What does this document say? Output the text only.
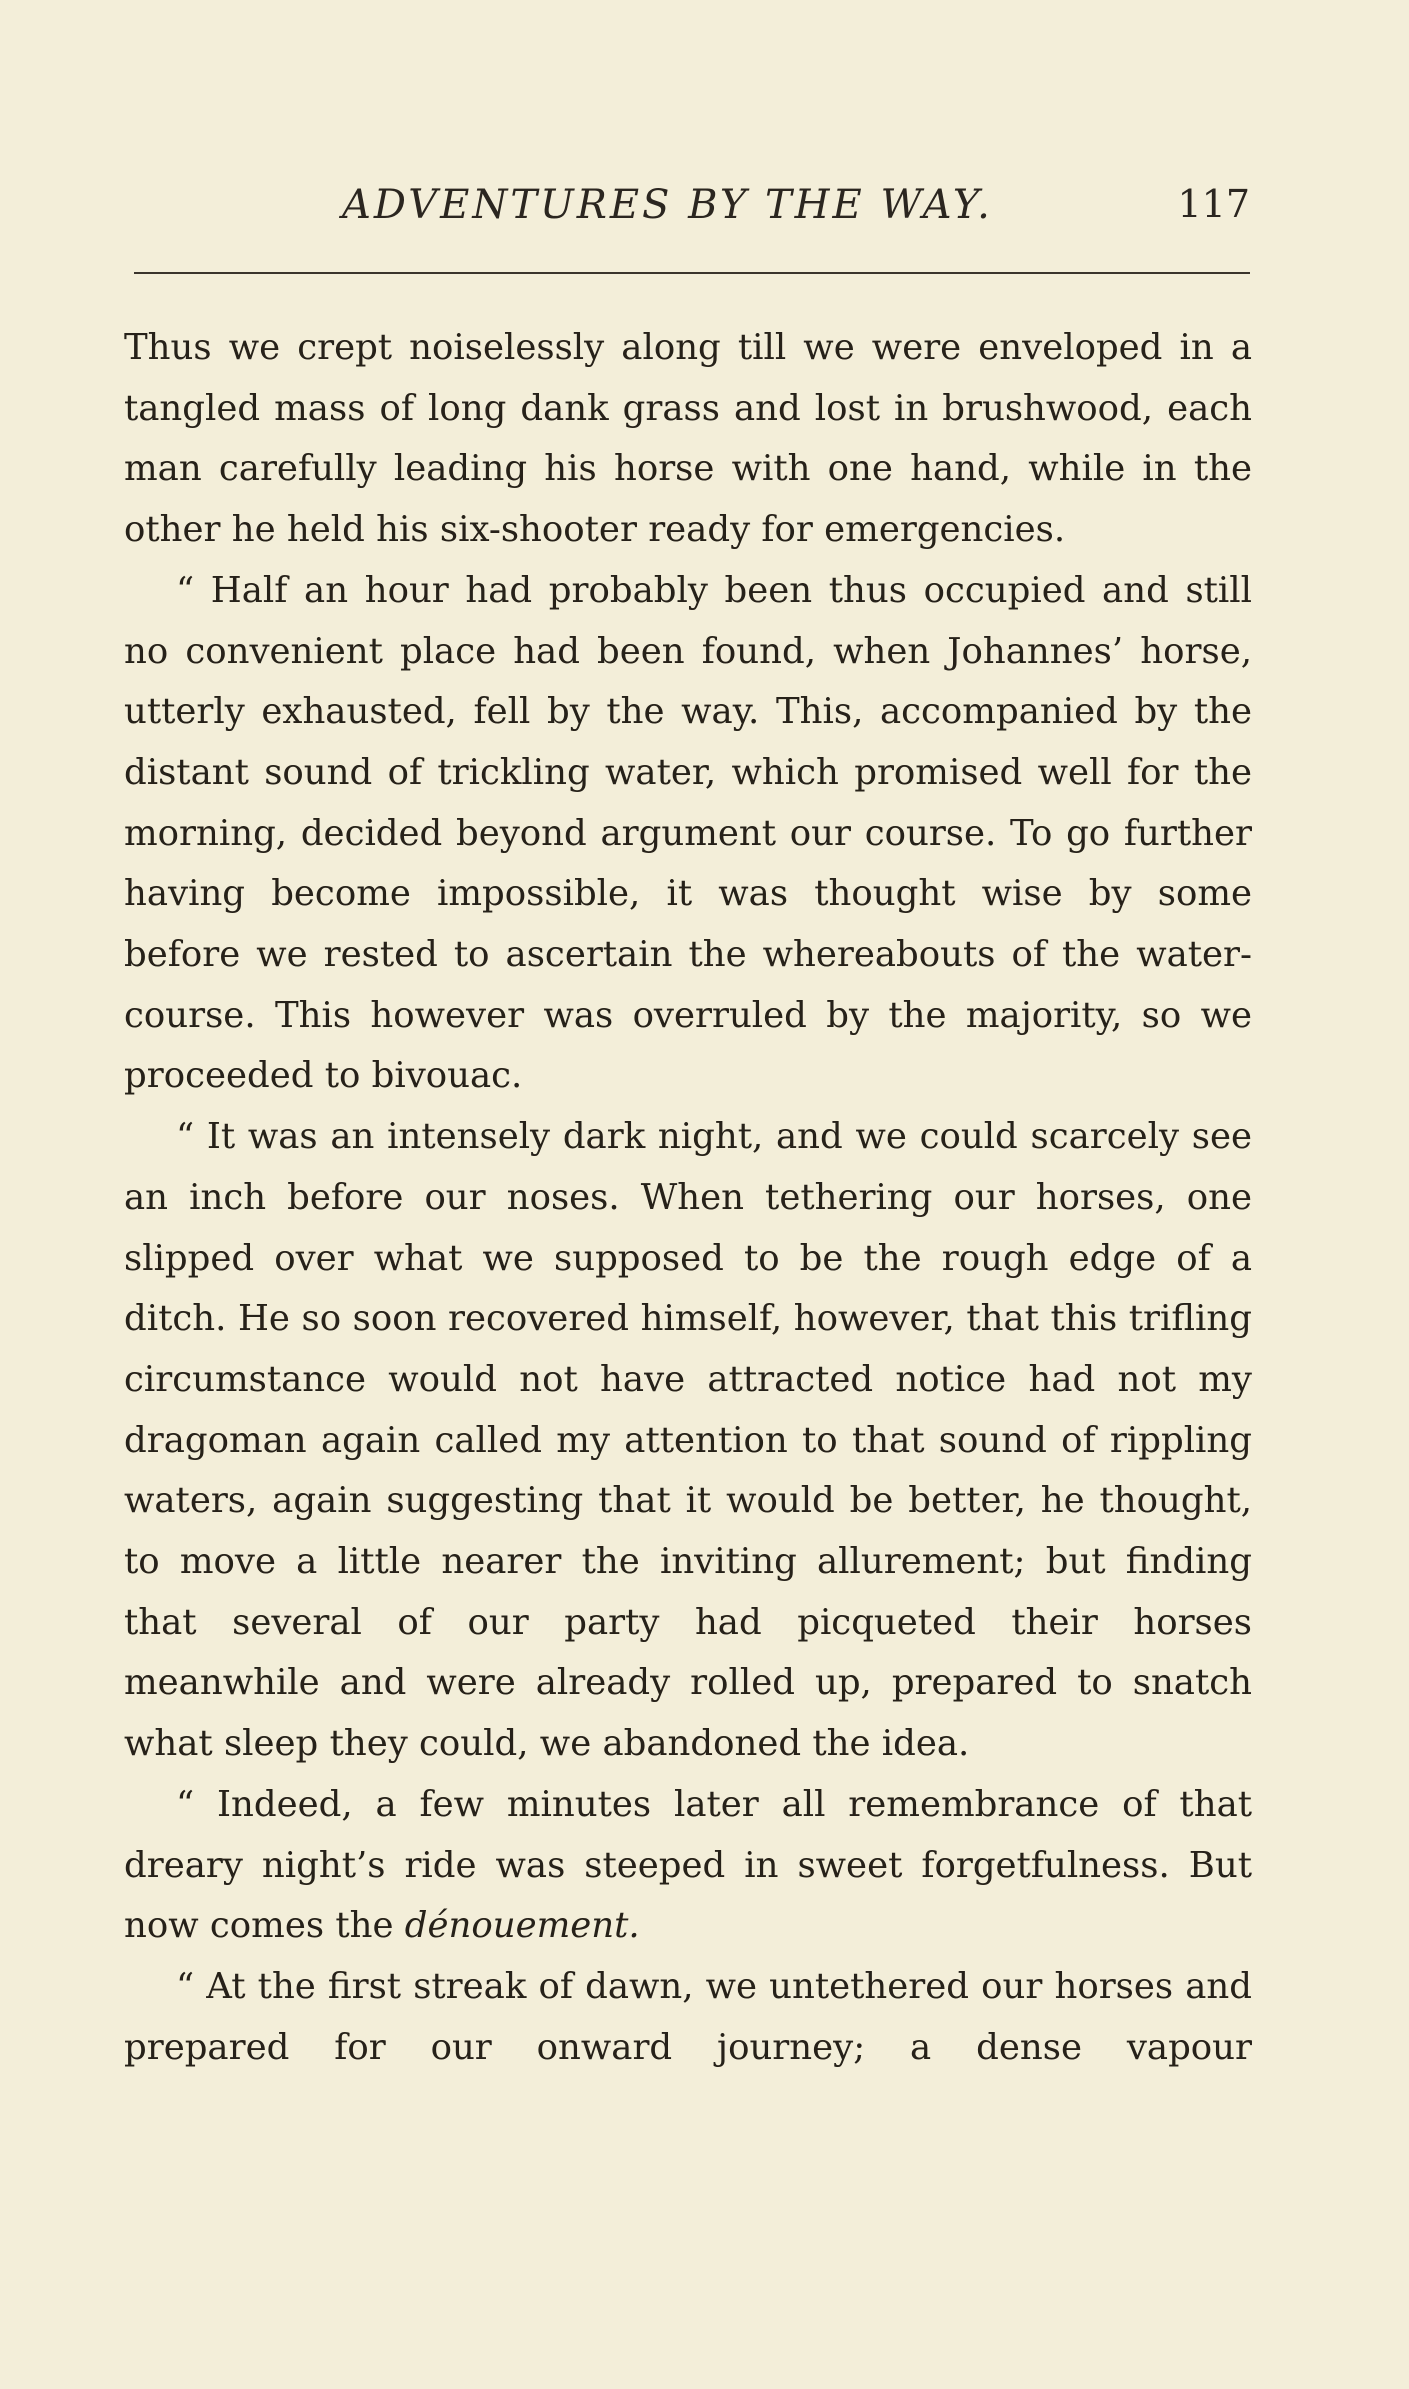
ADVENTURES BY THE WAY.	117

Thus we crept noiselessly along till we were enveloped in a tangled mass of long dank grass and lost in brushwood, each man carefully leading his horse with one hand, while in the other he held his six-shooter ready for emergencies.

“ Half an hour had probably been thus occupied and still no convenient place had been found, when Johannes’ horse, utterly exhausted, fell by the way. This, accompanied by the distant sound of trickling water, which promised well for the morning, decided beyond argument our course. To go further having become impossible, it was thought wise by some before we rested to ascertain the whereabouts of the water-course. This however was overruled by the majority, so we proceeded to bivouac.

“ It was an intensely dark night, and we could scarcely see an inch before our noses. When tethering our horses, one slipped over what we supposed to be the rough edge of a ditch. He so soon recovered himself, however, that this trifling circumstance would not have attracted notice had not my dragoman again called my attention to that sound of rippling waters, again suggesting that it would be better, he thought, to move a little nearer the inviting allurement; but finding that several of our party had picqueted their horses meanwhile and were already rolled up, prepared to snatch what sleep they could, we abandoned the idea.

“ Indeed, a few minutes later all remembrance of that dreary night’s ride was steeped in sweet forgetfulness. But now comes the dénouement.

“ At the first streak of dawn, we untethered our horses and prepared for our onward journey; a dense vapour
